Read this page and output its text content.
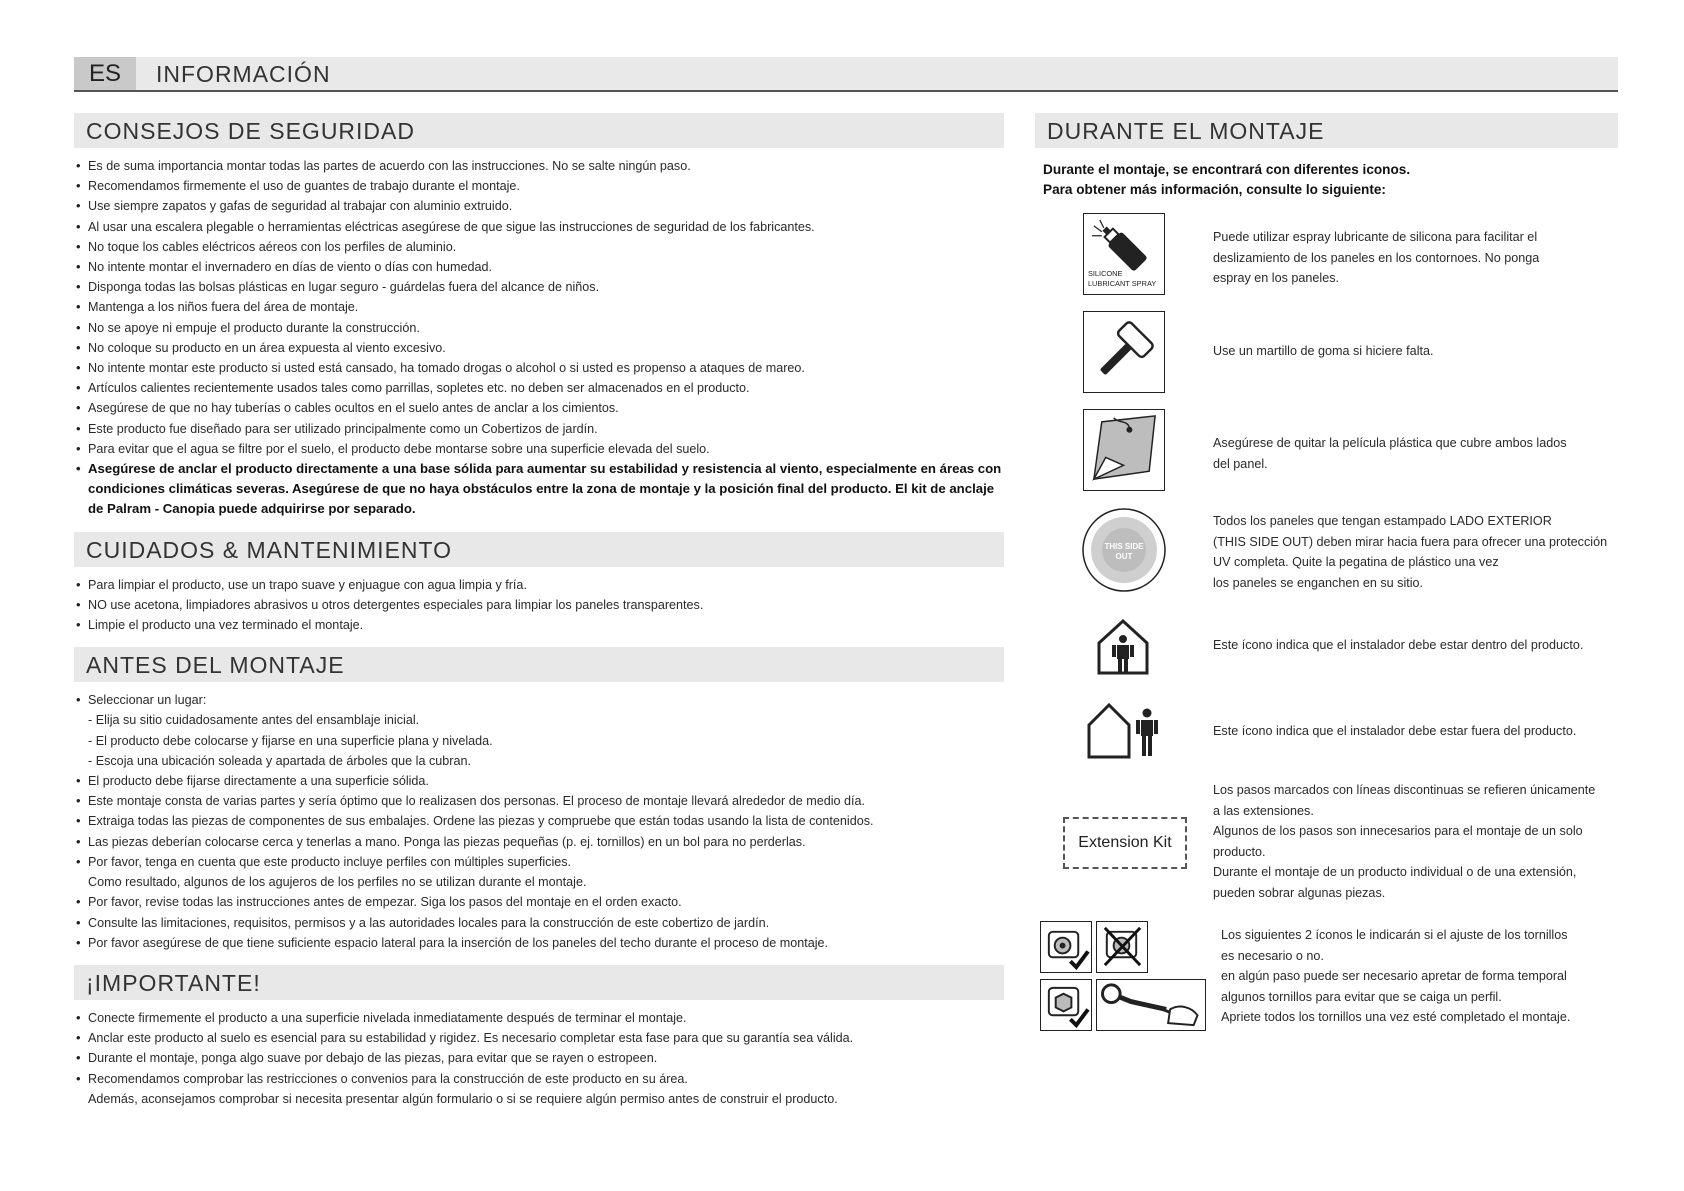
ES	INFORMACIÓN
CONSEJOS DE SEGURIDAD
• Es de suma importancia montar todas las partes de acuerdo con las instrucciones. No se salte ningún paso.
• Recomendamos firmemente el uso de guantes de trabajo durante el montaje.
• Use siempre zapatos y gafas de seguridad al trabajar con aluminio extruido.
• Al usar una escalera plegable o herramientas eléctricas asegúrese de que sigue las instrucciones de seguridad de los fabricantes.
• No toque los cables eléctricos aéreos con los perfiles de aluminio.
• No intente montar el invernadero en días de viento o días con humedad.
• Disponga todas las bolsas plásticas en lugar seguro - guárdelas fuera del alcance de niños.
• Mantenga a los niños fuera del área de montaje.
• No se apoye ni empuje el producto durante la construcción.
• No coloque su producto en un área expuesta al viento excesivo.
• No intente montar este producto si usted está cansado, ha tomado drogas o alcohol o si usted es propenso a ataques de mareo.
• Artículos calientes recientemente usados tales como parrillas, sopletes etc. no deben ser almacenados en el producto.
• Asegúrese de que no hay tuberías o cables ocultos en el suelo antes de anclar a los cimientos.
• Este producto fue diseñado para ser utilizado principalmente como un Cobertizos de jardín.
• Para evitar que el agua se filtre por el suelo, el producto debe montarse sobre una superficie elevada del suelo.
• Asegúrese de anclar el producto directamente a una base sólida para aumentar su estabilidad y resistencia al viento, especialmente en áreas con condiciones climáticas severas. Asegúrese de que no haya obstáculos entre la zona de montaje y la posición final del producto. El kit de anclaje de Palram - Canopia puede adquirirse por separado.
CUIDADOS & MANTENIMIENTO
• Para limpiar el producto, use un trapo suave y enjuague con agua limpia y fría.
• NO use acetona, limpiadores abrasivos u otros detergentes especiales para limpiar los paneles transparentes.
• Limpie el producto una vez terminado el montaje.
ANTES DEL MONTAJE
• Seleccionar un lugar:
- Elija su sitio cuidadosamente antes del ensamblaje inicial.
- El producto debe colocarse y fijarse en una superficie plana y nivelada.
- Escoja una ubicación soleada y apartada de árboles que la cubran.
• El producto debe fijarse directamente a una superficie sólida.
• Este montaje consta de varias partes y sería óptimo que lo realizasen dos personas. El proceso de montaje llevará alrededor de medio día.
• Extraiga todas las piezas de componentes de sus embalajes. Ordene las piezas y compruebe que están todas usando la lista de contenidos.
• Las piezas deberían colocarse cerca y tenerlas a mano. Ponga las piezas pequeñas (p. ej. tornillos) en un bol para no perderlas.
• Por favor, tenga en cuenta que este producto incluye perfiles con múltiples superficies.
Como resultado, algunos de los agujeros de los perfiles no se utilizan durante el montaje.
• Por favor, revise todas las instrucciones antes de empezar. Siga los pasos del montaje en el orden exacto.
• Consulte las limitaciones, requisitos, permisos y a las autoridades locales para la construcción de este cobertizo de jardín.
• Por favor asegúrese de que tiene suficiente espacio lateral para la inserción de los paneles del techo durante el proceso de montaje.
¡IMPORTANTE!
• Conecte firmemente el producto a una superficie nivelada inmediatamente después de terminar el montaje.
• Anclar este producto al suelo es esencial para su estabilidad y rigidez. Es necesario completar esta fase para que su garantía sea válida.
• Durante el montaje, ponga algo suave por debajo de las piezas, para evitar que se rayen o estropeen.
• Recomendamos comprobar las restricciones o convenios para la construcción de este producto en su área.
Además, aconsejamos comprobar si necesita presentar algún formulario o si se requiere algún permiso antes de construir el producto.
DURANTE EL MONTAJE
Durante el montaje, se encontrará con diferentes iconos.
Para obtener más información, consulte lo siguiente:
SILICONE
LUBRICANT SPRAY
Puede utilizar espray lubricante de silicona para facilitar el
deslizamiento de los paneles en los contornoes. No ponga
espray en los paneles.
Use un martillo de goma si hiciere falta.
Asegúrese de quitar la película plástica que cubre ambos lados
del panel.
THIS SIDE
OUT
Todos los paneles que tengan estampado LADO EXTERIOR
(THIS SIDE OUT) deben mirar hacia fuera para ofrecer una protección
UV completa. Quite la pegatina de plástico una vez
los paneles se enganchen en su sitio.
Este ícono indica que el instalador debe estar dentro del producto.
Este ícono indica que el instalador debe estar fuera del producto.
Extension Kit
Los pasos marcados con líneas discontinuas se refieren únicamente
a las extensiones.
Algunos de los pasos son innecesarios para el montaje de un solo
producto.
Durante el montaje de un producto individual o de una extensión,
pueden sobrar algunas piezas.
Los siguientes 2 íconos le indicarán si el ajuste de los tornillos
es necesario o no.
en algún paso puede ser necesario apretar de forma temporal
algunos tornillos para evitar que se caiga un perfil.
Apriete todos los tornillos una vez esté completado el montaje.
